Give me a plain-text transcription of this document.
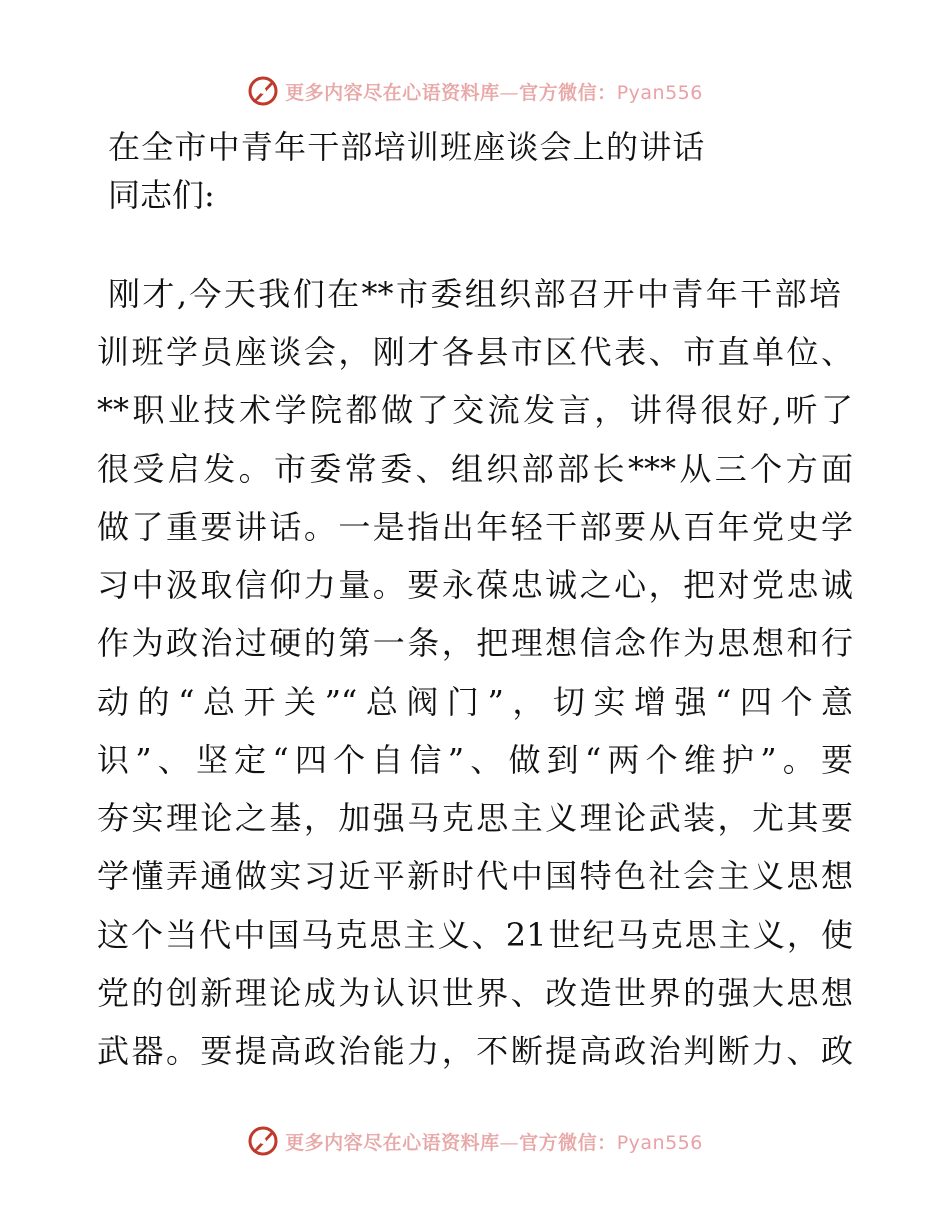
更多内容尽在心语资料库—官方微信：Pyan556
在全市中青年干部培训班座谈会上的讲话
同志们:
刚才,今天我们在**市委组织部召开中青年干部培
训班学员座谈会，刚才各县市区代表、市直单位、
**职业技术学院都做了交流发言，讲得很好,听了
很受启发。市委常委、组织部部长***从三个方面
做了重要讲话。一是指出年轻干部要从百年党史学
习中汲取信仰力量。要永葆忠诚之心，把对党忠诚
作为政治过硬的第一条，把理想信念作为思想和行
动的“总开关”“总阀门”，切实增强“四个意
识”、坚定“四个自信”、做到“两个维护”。要
夯实理论之基，加强马克思主义理论武装，尤其要
学懂弄通做实习近平新时代中国特色社会主义思想
这个当代中国马克思主义、21世纪马克思主义，使
党的创新理论成为认识世界、改造世界的强大思想
武器。要提高政治能力，不断提高政治判断力、政
更多内容尽在心语资料库—官方微信：Pyan556
